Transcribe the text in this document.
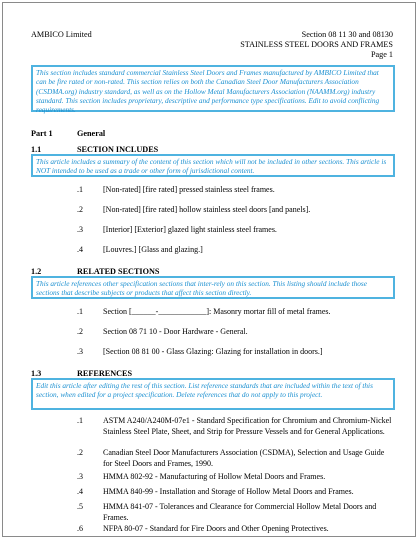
AMBICO Limited	Section 08 11 30 and 08130
STAINLESS STEEL DOORS AND FRAMES
Page 1
This section includes standard commercial Stainless Steel Doors and Frames manufactured by AMBICO Limited that can be fire rated or non-rated. This section relies on both the Canadian Steel Door Manufacturers Association (CSDMA.org) industry standard, as well as on the Hollow Metal Manufacturers Association (NAAMM.org) industry standard. This section includes proprietary, descriptive and performance type specifications. Edit to avoid conflicting requirements.
Part 1	General
1.1	SECTION INCLUDES
This article includes a summary of the content of this section which will not be included in other sections. This article is NOT intended to be used as a trade or other form of jurisdictional content.
.1	[Non-rated] [fire rated] pressed stainless steel frames.
.2	[Non-rated] [fire rated] hollow stainless steel doors [and panels].
.3	[Interior] [Exterior] glazed light stainless steel frames.
.4	[Louvres.] [Glass and glazing.]
1.2	RELATED SECTIONS
This article references other specification sections that inter-rely on this section. This listing should include those sections that describe subjects or products that affect this section directly.
.1	Section [______-____________]: Masonry mortar fill of metal frames.
.2	Section 08 71 10 - Door Hardware - General.
.3	[Section 08 81 00 - Glass Glazing: Glazing for installation in doors.]
1.3	REFERENCES
Edit this article after editing the rest of this section. List reference standards that are included within the text of this section, when edited for a project specification. Delete references that do not apply to this project.
.1	ASTM A240/A240M-07e1 - Standard Specification for Chromium and Chromium-Nickel Stainless Steel Plate, Sheet, and Strip for Pressure Vessels and for General Applications.
.2	Canadian Steel Door Manufacturers Association (CSDMA), Selection and Usage Guide for Steel Doors and Frames, 1990.
.3	HMMA 802-92 - Manufacturing of Hollow Metal Doors and Frames.
.4	HMMA 840-99 - Installation and Storage of Hollow Metal Doors and Frames.
.5	HMMA 841-07 - Tolerances and Clearance for Commercial Hollow Metal Doors and Frames.
.6	NFPA 80-07 - Standard for Fire Doors and Other Opening Protectives.
